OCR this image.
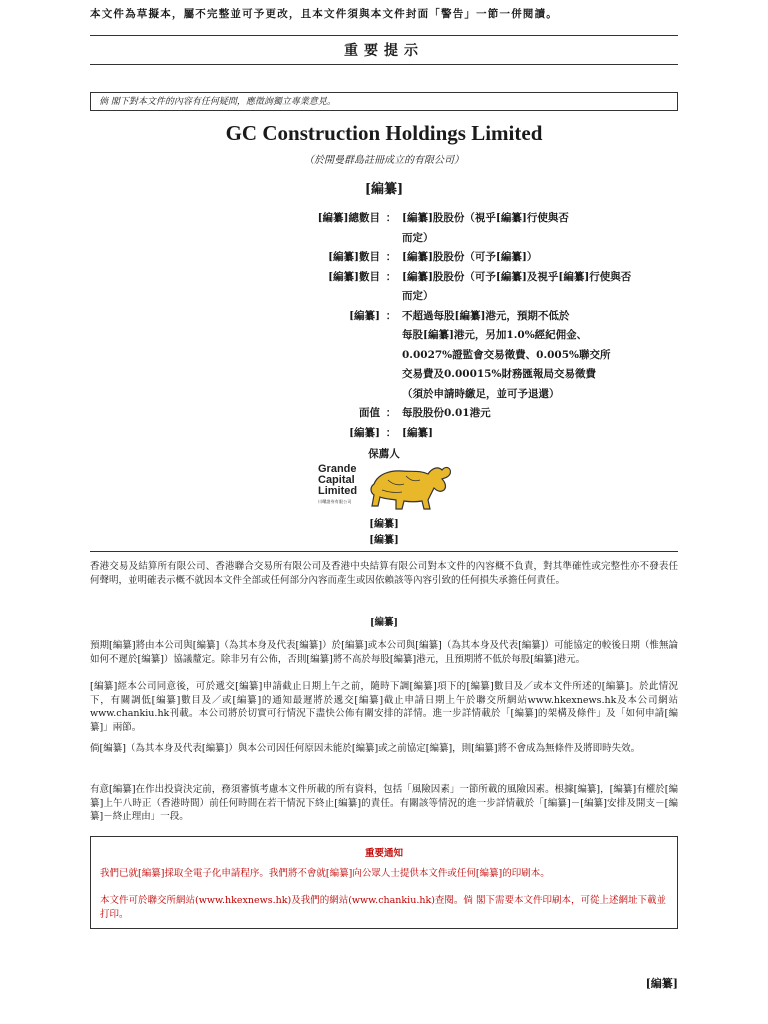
本文件為草擬本，屬不完整並可予更改，且本文件須與本文件封面「警告」一節一併閱讀。
重要提示
倘 閣下對本文件的內容有任何疑問，應徵詢獨立專業意見。
GC Construction Holdings Limited
（於開曼群島註冊成立的有限公司）
[編纂]
[編纂]總數目 ： [編纂]股股份（視乎[編纂]行使與否
而定）
[編纂]數目 ： [編纂]股股份（可予[編纂]）
[編纂]數目 ： [編纂]股股份（可予[編纂]及視乎[編纂]行使與否
而定）
[編纂] ： 不超過每股[編纂]港元，預期不低於
每股[編纂]港元，另加1.0%經紀佣金、
0.0027%證監會交易徵費、0.005%聯交所
交易費及0.00015%財務匯報局交易徵費
（須於申請時繳足，並可予退還）
面值 ： 每股股份0.01港元
[編纂] ： [編纂]
保薦人
Grande
Capital
Limited
川曙證券有限公司
[編纂]
[編纂]
香港交易及結算所有限公司、香港聯合交易所有限公司及香港中央結算有限公司對本文件的內容概不負責，對其準確性或完整性亦不發表任何聲明，並明確表示概不就因本文件全部或任何部分內容而產生或因依賴該等內容引致的任何損失承擔任何責任。
[編纂]
預期[編纂]將由本公司與[編纂]（為其本身及代表[編纂]）於[編纂]或本公司與[編纂]（為其本身及代表[編纂]）可能協定的較後日期（惟無論如何不遲於[編纂]）協議釐定。除非另有公佈，否則[編纂]將不高於每股[編纂]港元，且預期將不低於每股[編纂]港元。
[編纂]經本公司同意後，可於遞交[編纂]申請截止日期上午之前，隨時下調[編纂]項下的[編纂]數目及／或本文件所述的[編纂]。於此情況下，有關調低[編纂]數目及／或[編纂]的通知最遲將於遞交[編纂]截止申請日期上午於聯交所網站www.hkexnews.hk及本公司網站www.chankiu.hk刊載。本公司將於切實可行情況下盡快公佈有關安排的詳情。進一步詳情載於「[編纂]的架構及條件」及「如何申請[編纂]」兩節。
倘[編纂]（為其本身及代表[編纂]）與本公司因任何原因未能於[編纂]或之前協定[編纂]，則[編纂]將不會成為無條件及將即時失效。
有意[編纂]在作出投資決定前，務須審慎考慮本文件所載的所有資料，包括「風險因素」一節所載的風險因素。根據[編纂]，[編纂]有權於[編纂]上午八時正（香港時間）前任何時間在若干情況下終止[編纂]的責任。有關該等情況的進一步詳情載於「[編纂]－[編纂]安排及開支－[編纂]－終止理由」一段。
重要通知
我們已就[編纂]採取全電子化申請程序。我們將不會就[編纂]向公眾人士提供本文件或任何[編纂]的印刷本。
本文件可於聯交所網站(www.hkexnews.hk)及我們的網站(www.chankiu.hk)查閱。倘 閣下需要本文件印刷本，可從上述網址下載並打印。
[編纂]
